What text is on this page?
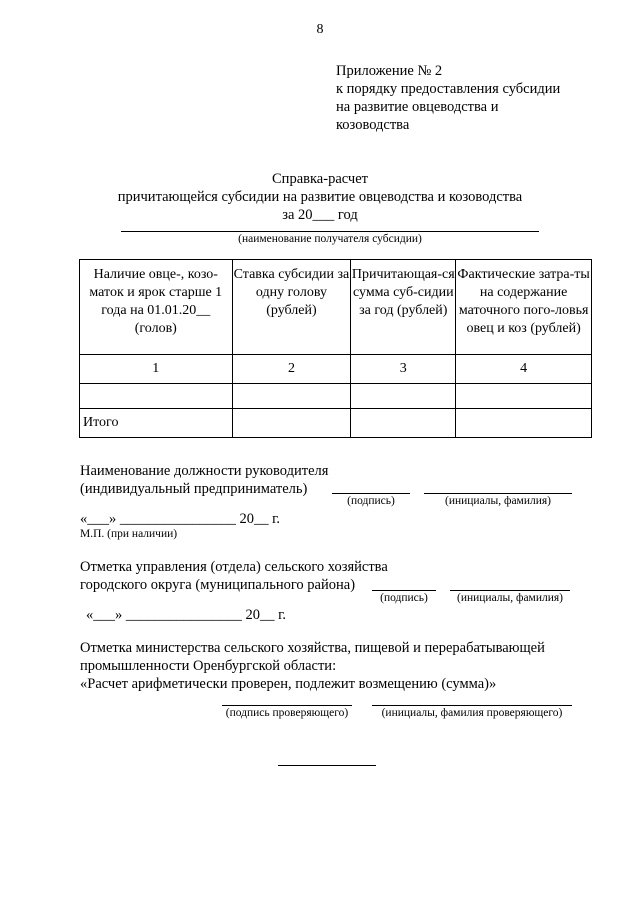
8
Приложение № 2
к порядку предоставления субсидии
на развитие овцеводства и
козоводства
Справка-расчет
причитающейся субсидии на развитие овцеводства и козоводства
за 20___ год
(наименование получателя субсидии)
Наличие овце-, козо-маток и ярок старше 1 года на 01.01.20__ (голов)	Ставка субсидии за одну голову (рублей)	Причитающая-ся сумма суб-сидии за год (рублей)	Фактические затра-ты на содержание маточного пого-ловья овец и коз (рублей)
1	2	3	4

Итого			
Наименование должности руководителя
(индивидуальный предприниматель)
(подпись)	(инициалы, фамилия)
«___» ________________ 20__ г.
М.П. (при наличии)
Отметка управления (отдела) сельского хозяйства
городского округа (муниципального района)
(подпись)	(инициалы, фамилия)
«___» ________________ 20__ г.
Отметка министерства сельского хозяйства, пищевой и перерабатывающей
промышленности Оренбургской области:
«Расчет арифметически проверен, подлежит возмещению (сумма)»
(подпись проверяющего)	(инициалы, фамилия проверяющего)
